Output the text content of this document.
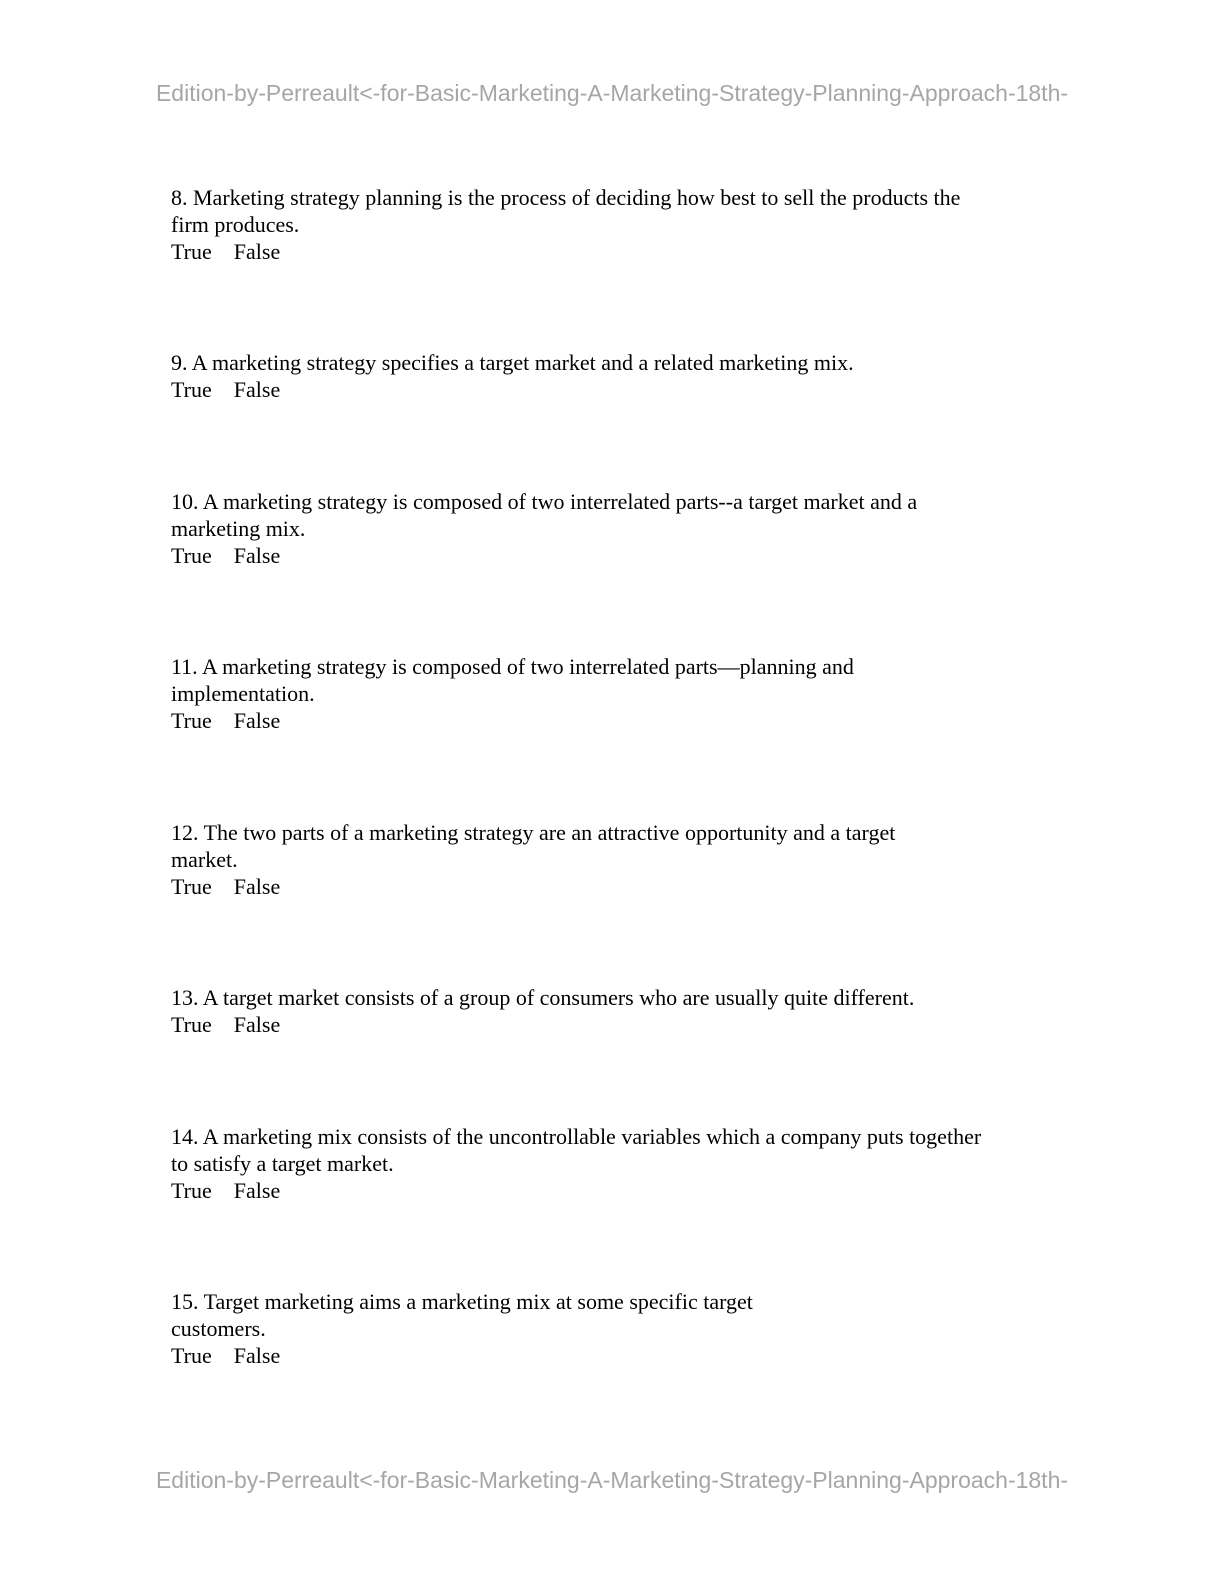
Edition-by-Perreault<-for-Basic-Marketing-A-Marketing-Strategy-Planning-Approach-18th-
8. Marketing strategy planning is the process of deciding how best to sell the products the
firm produces.
True False
9. A marketing strategy specifies a target market and a related marketing mix.
True False
10. A marketing strategy is composed of two interrelated parts--a target market and a
marketing mix.
True False
11. A marketing strategy is composed of two interrelated parts—planning and
implementation.
True False
12. The two parts of a marketing strategy are an attractive opportunity and a target
market.
True False
13. A target market consists of a group of consumers who are usually quite different.
True False
14. A marketing mix consists of the uncontrollable variables which a company puts together
to satisfy a target market.
True False
15. Target marketing aims a marketing mix at some specific target
customers.
True False
Edition-by-Perreault<-for-Basic-Marketing-A-Marketing-Strategy-Planning-Approach-18th-
